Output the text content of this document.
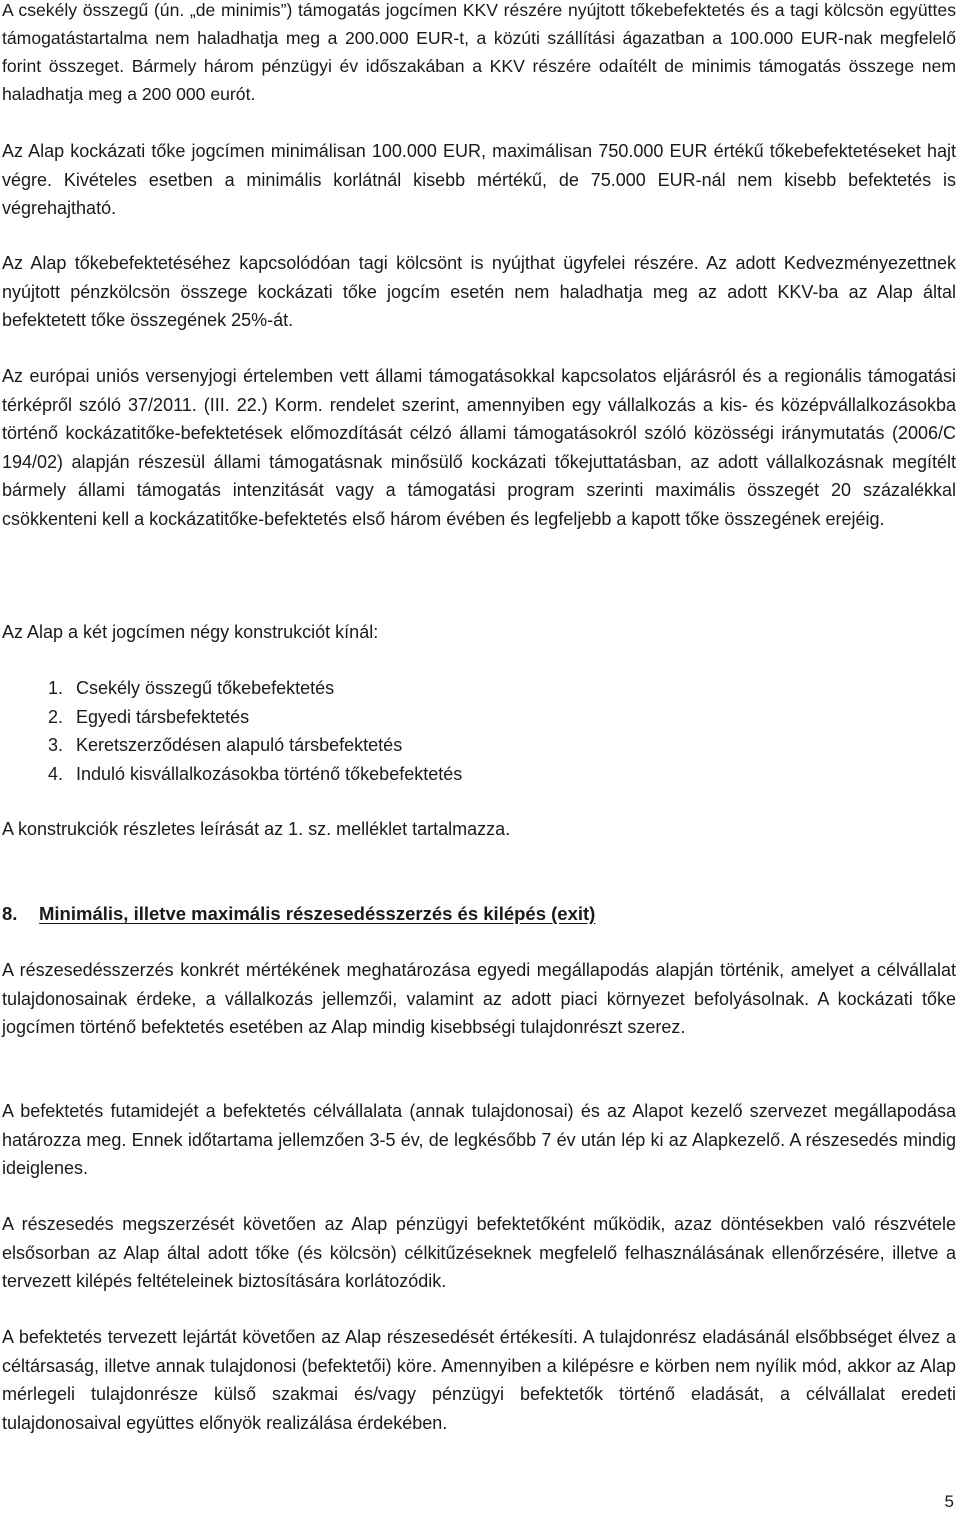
A csekély összegű (ún. „de minimis”) támogatás jogcímen KKV részére nyújtott tőkebefektetés és a tagi kölcsön együttes támogatástartalma nem haladhatja meg a 200.000 EUR-t, a közúti szállítási ágazatban a 100.000 EUR-nak megfelelő forint összeget. Bármely három pénzügyi év időszakában a KKV részére odaítélt de minimis támogatás összege nem haladhatja meg a 200 000 eurót.

Az Alap kockázati tőke jogcímen minimálisan 100.000 EUR, maximálisan 750.000 EUR értékű tőkebefektetéseket hajt végre. Kivételes esetben a minimális korlátnál kisebb mértékű, de 75.000 EUR-nál nem kisebb befektetés is végrehajtható.

Az Alap tőkebefektetéséhez kapcsolódóan tagi kölcsönt is nyújthat ügyfelei részére. Az adott Kedvezményezettnek nyújtott pénzkölcsön összege kockázati tőke jogcím esetén nem haladhatja meg az adott KKV-ba az Alap által befektetett tőke összegének 25%-át.

Az európai uniós versenyjogi értelemben vett állami támogatásokkal kapcsolatos eljárásról és a regionális támogatási térképről szóló 37/2011. (III. 22.) Korm. rendelet szerint, amennyiben egy vállalkozás a kis- és középvállalkozásokba történő kockázatitőke-befektetések előmozdítását célzó állami támogatásokról szóló közösségi iránymutatás (2006/C 194/02) alapján részesül állami támogatásnak minősülő kockázati tőkejuttatásban, az adott vállalkozásnak megítélt bármely állami támogatás intenzitását vagy a támogatási program szerinti maximális összegét 20 százalékkal csökkenteni kell a kockázatitőke-befektetés első három évében és legfeljebb a kapott tőke összegének erejéig.

Az Alap a két jogcímen négy konstrukciót kínál:

1. Csekély összegű tőkebefektetés
2. Egyedi társbefektetés
3. Keretszerződésen alapuló társbefektetés
4. Induló kisvállalkozásokba történő tőkebefektetés

A konstrukciók részletes leírását az 1. sz. melléklet tartalmazza.

8. Minimális, illetve maximális részesedésszerzés és kilépés (exit)

A részesedésszerzés konkrét mértékének meghatározása egyedi megállapodás alapján történik, amelyet a célvállalat tulajdonosainak érdeke, a vállalkozás jellemzői, valamint az adott piaci környezet befolyásolnak. A kockázati tőke jogcímen történő befektetés esetében az Alap mindig kisebbségi tulajdonrészt szerez.

A befektetés futamidejét a befektetés célvállalata (annak tulajdonosai) és az Alapot kezelő szervezet megállapodása határozza meg. Ennek időtartama jellemzően 3-5 év, de legkésőbb 7 év után lép ki az Alapkezelő. A részesedés mindig ideiglenes.

A részesedés megszerzését követően az Alap pénzügyi befektetőként működik, azaz döntésekben való részvétele elsősorban az Alap által adott tőke (és kölcsön) célkitűzéseknek megfelelő felhasználásának ellenőrzésére, illetve a tervezett kilépés feltételeinek biztosítására korlátozódik.

A befektetés tervezett lejártát követően az Alap részesedését értékesíti. A tulajdonrész eladásánál elsőbbséget élvez a céltársaság, illetve annak tulajdonosi (befektetői) köre. Amennyiben a kilépésre e körben nem nyílik mód, akkor az Alap mérlegeli tulajdonrésze külső szakmai és/vagy pénzügyi befektetők történő eladását, a célvállalat eredeti tulajdonosaival együttes előnyök realizálása érdekében.

5
